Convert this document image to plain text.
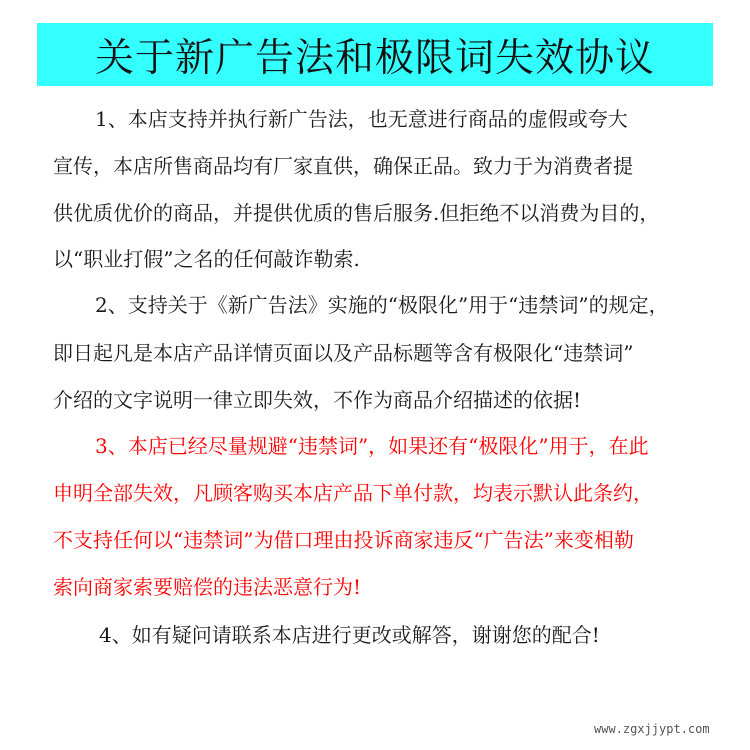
关于新广告法和极限词失效协议
1、本店支持并执行新广告法，也无意进行商品的虚假或夸大
宣传，本店所售商品均有厂家直供，确保正品。致力于为消费者提
供优质优价的商品，并提供优质的售后服务.但拒绝不以消费为目的，
以“职业打假”之名的任何敲诈勒索.
2、支持关于《新广告法》实施的“极限化”用于“违禁词”的规定，
即日起凡是本店产品详情页面以及产品标题等含有极限化“违禁词”
介绍的文字说明一律立即失效，不作为商品介绍描述的依据!
3、本店已经尽量规避“违禁词”，如果还有“极限化”用于，在此
申明全部失效，凡顾客购买本店产品下单付款，均表示默认此条约，
不支持任何以“违禁词”为借口理由投诉商家违反“广告法”来变相勒
索向商家索要赔偿的违法恶意行为!
4、如有疑问请联系本店进行更改或解答，谢谢您的配合!
www.zgxjjypt.com
